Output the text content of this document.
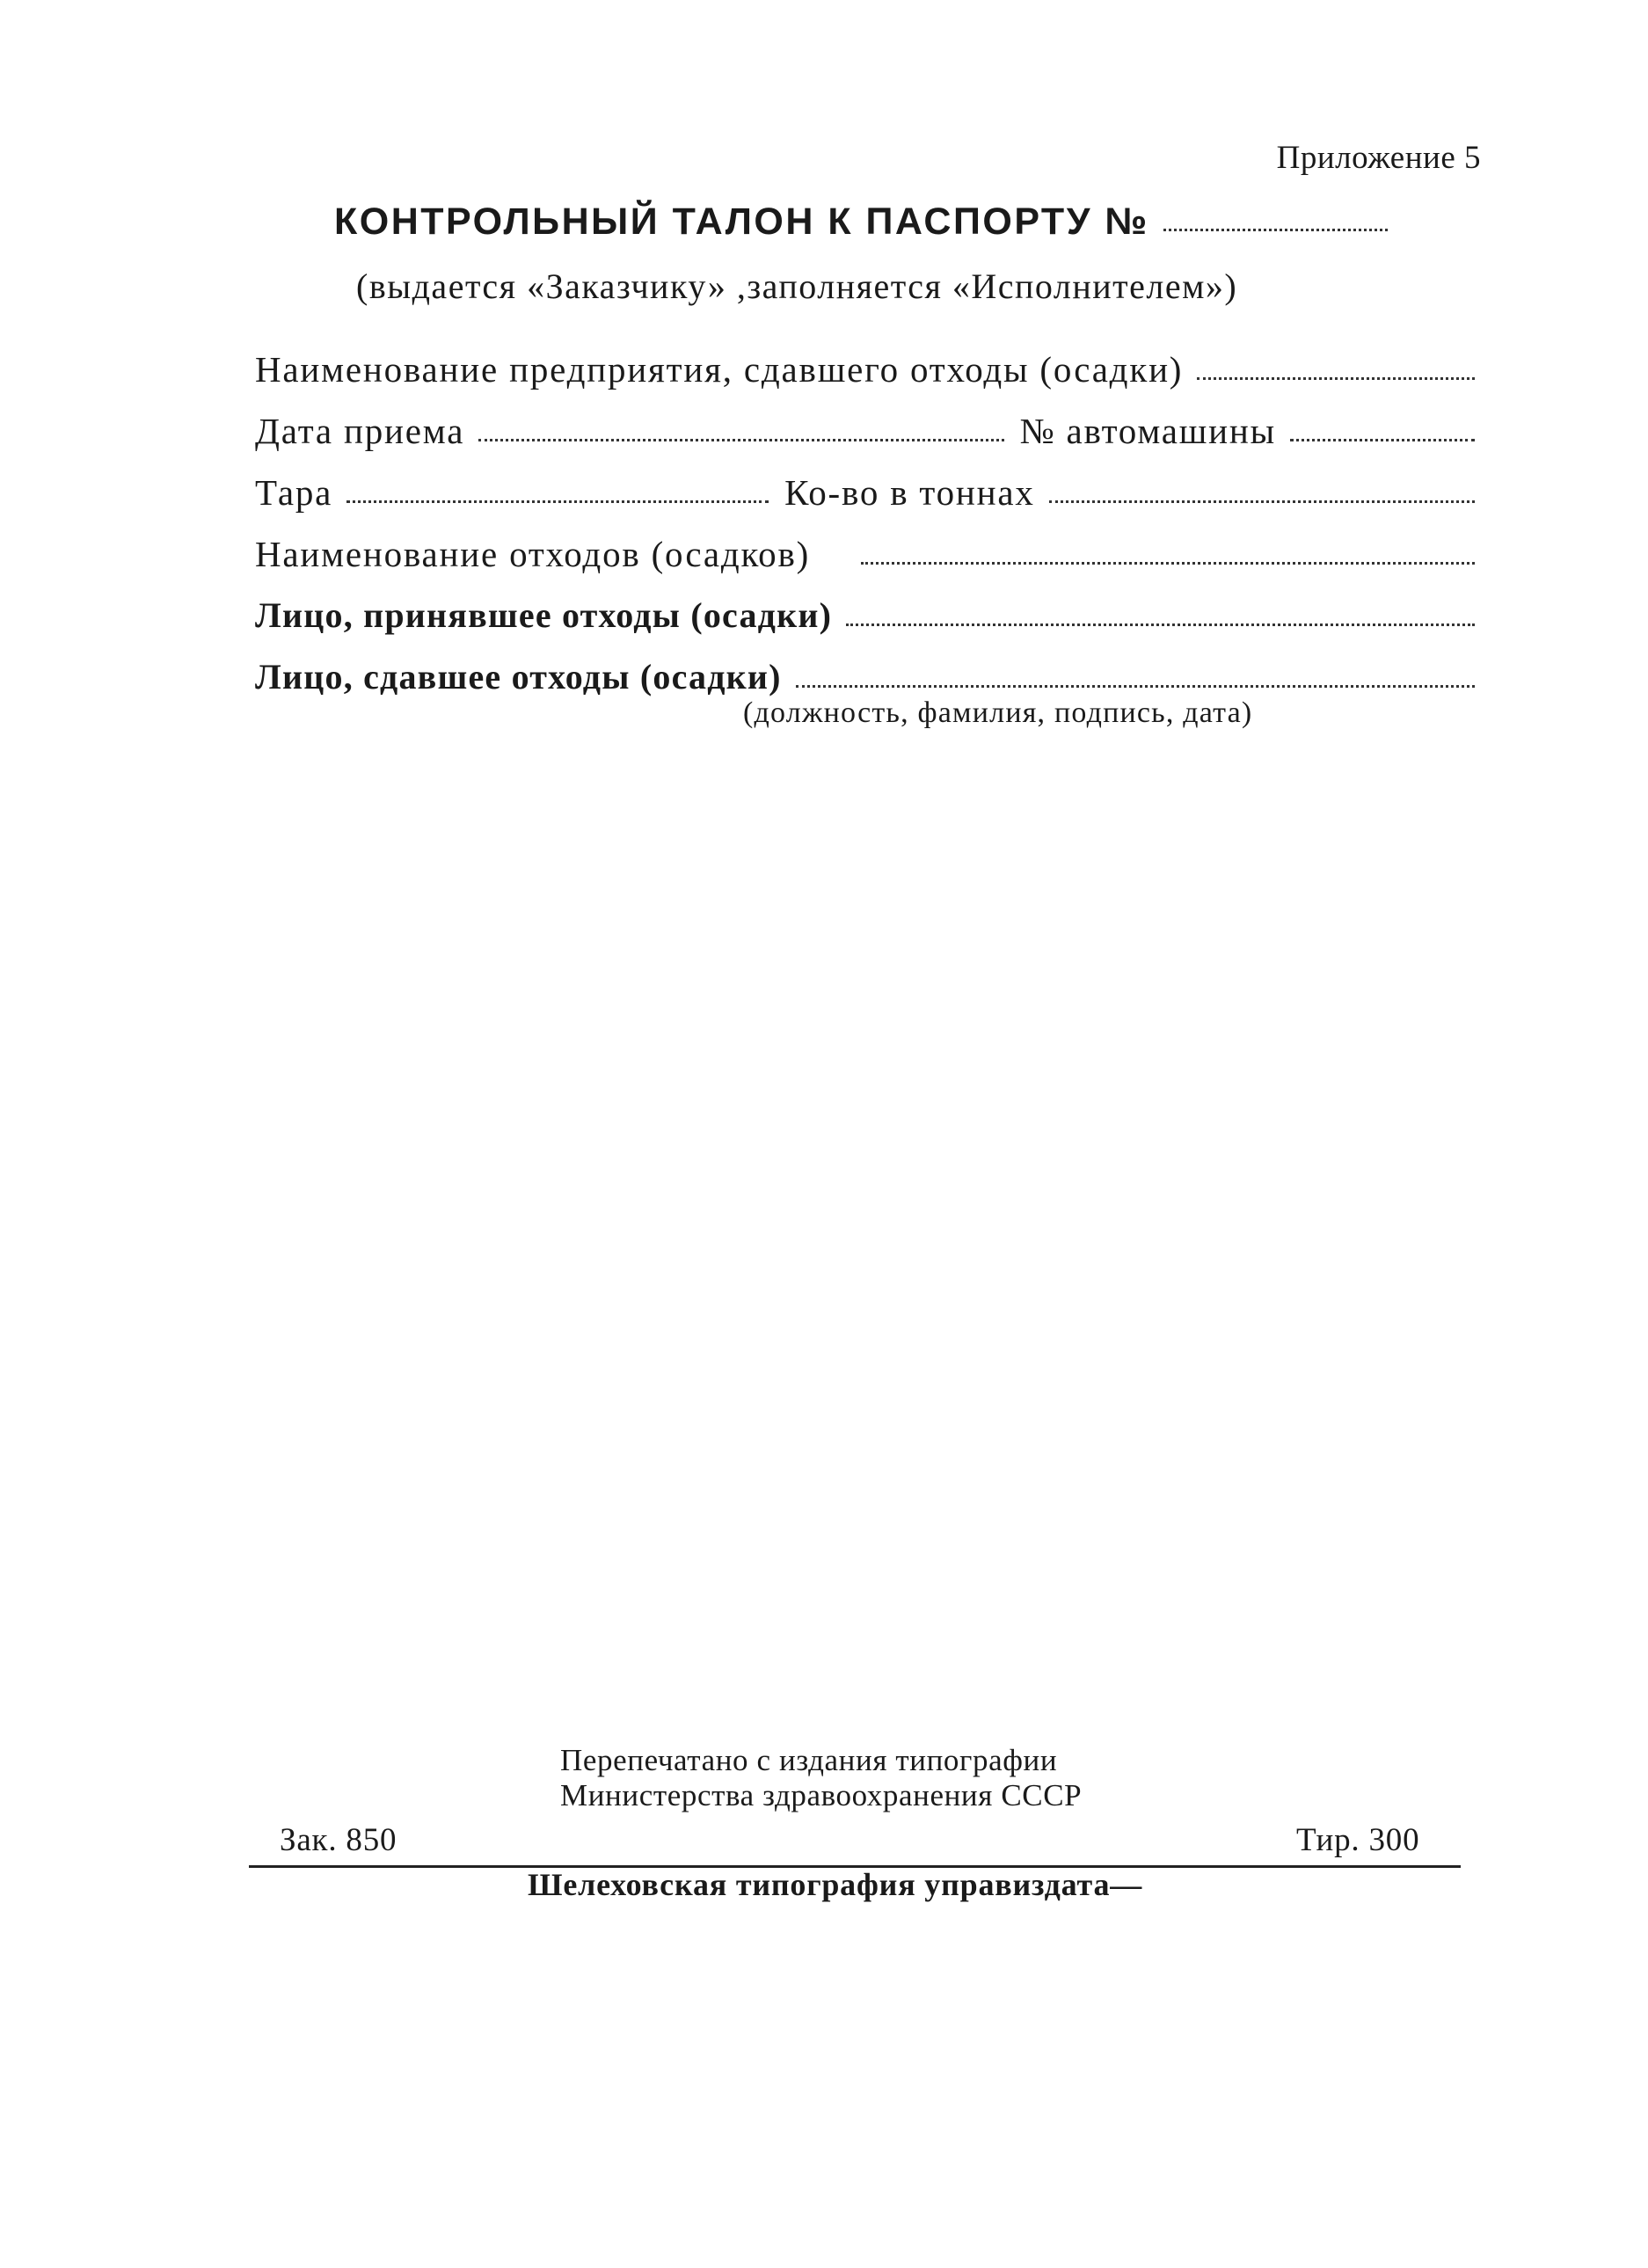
Приложение 5
КОНТРОЛЬНЫЙ ТАЛОН К ПАСПОРТУ №
(выдается «Заказчику» ,заполняется «Исполнителем»)
Наименование предприятия, сдавшего отходы (осадки)
Дата приема	№ автомашины
Тара	Ко-во в тоннах
Наименование отходов (осадков)
Лицо, принявшее отходы (осадки)
Лицо, сдавшее отходы (осадки)
(должность, фамилия, подпись, дата)
Перепечатано с издания типографии
Министерства здравоохранения СССР
Зак. 850	Тир. 300
Шелеховская типография управиздата—
